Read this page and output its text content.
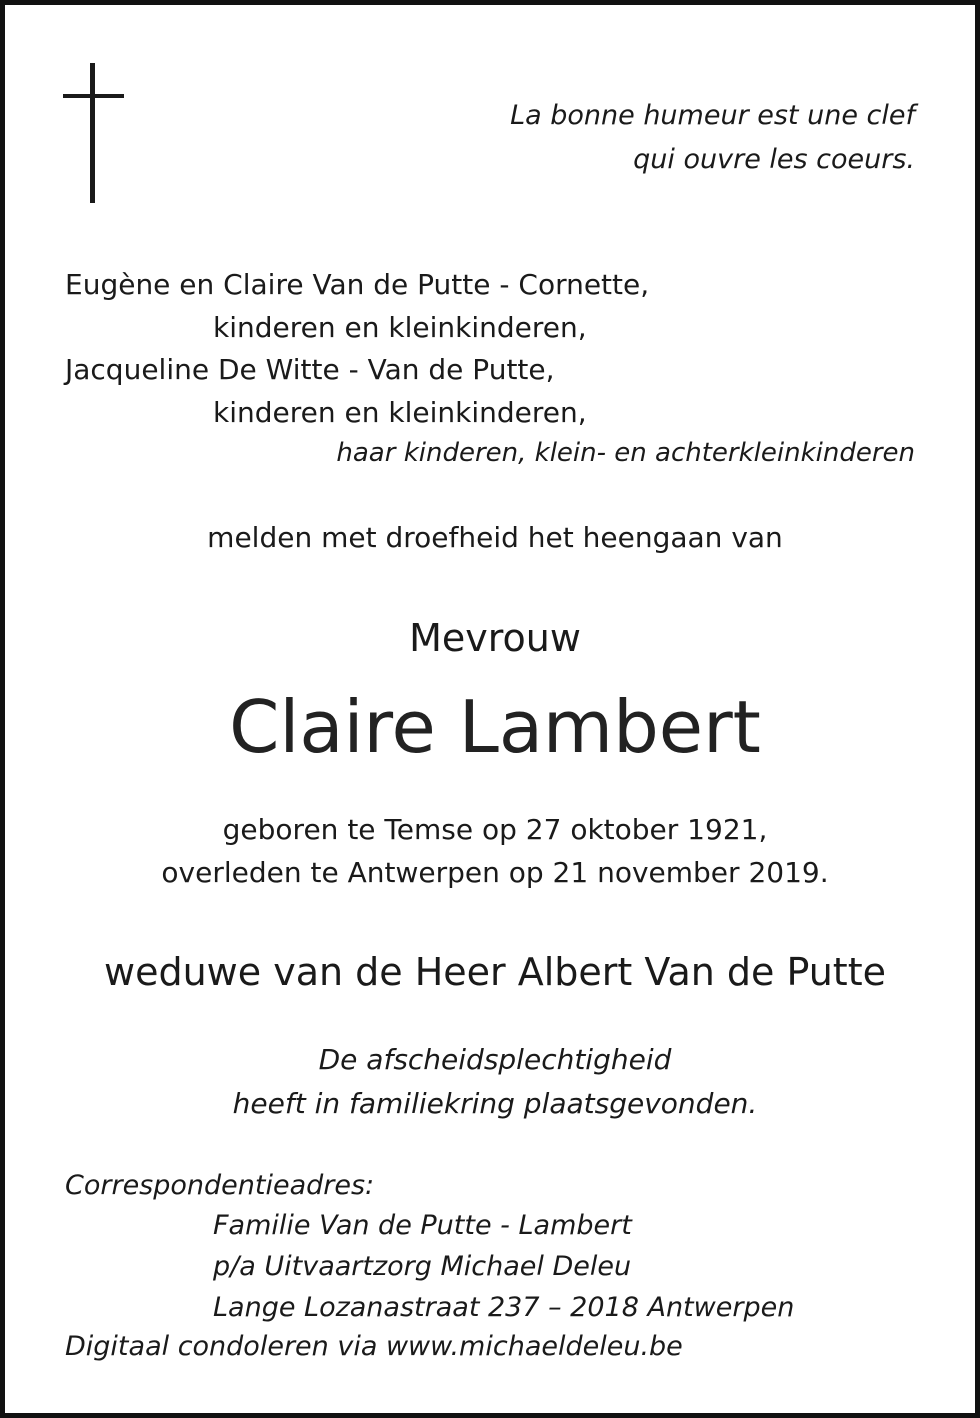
La bonne humeur est une clef
qui ouvre les coeurs.
Eugène en Claire Van de Putte - Cornette,
kinderen en kleinkinderen,
Jacqueline De Witte - Van de Putte,
kinderen en kleinkinderen,
haar kinderen, klein- en achterkleinkinderen
melden met droefheid het heengaan van
Mevrouw
Claire Lambert
geboren te Temse op 27 oktober 1921,
overleden te Antwerpen op 21 november 2019.
weduwe van de Heer Albert Van de Putte
De afscheidsplechtigheid
heeft in familiekring plaatsgevonden.
Correspondentieadres:
Familie Van de Putte - Lambert
p/a Uitvaartzorg Michael Deleu
Lange Lozanastraat 237 – 2018 Antwerpen
Digitaal condoleren via www.michaeldeleu.be
